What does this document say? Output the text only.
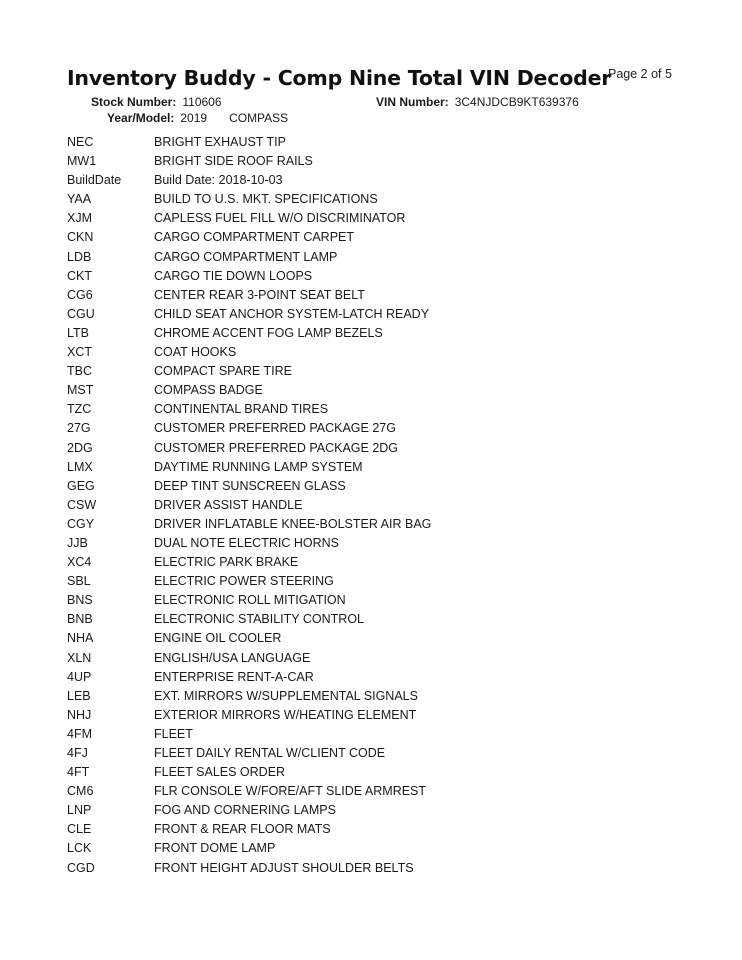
Inventory Buddy - Comp Nine Total VIN Decoder
Page 2 of 5
Stock Number: 110606	VIN Number: 3C4NJDCB9KT639376
Year/Model: 2019 COMPASS
NEC	BRIGHT EXHAUST TIP
MW1	BRIGHT SIDE ROOF RAILS
BuildDate	Build Date: 2018-10-03
YAA	BUILD TO U.S. MKT. SPECIFICATIONS
XJM	CAPLESS FUEL FILL W/O DISCRIMINATOR
CKN	CARGO COMPARTMENT CARPET
LDB	CARGO COMPARTMENT LAMP
CKT	CARGO TIE DOWN LOOPS
CG6	CENTER REAR 3-POINT SEAT BELT
CGU	CHILD SEAT ANCHOR SYSTEM-LATCH READY
LTB	CHROME ACCENT FOG LAMP BEZELS
XCT	COAT HOOKS
TBC	COMPACT SPARE TIRE
MST	COMPASS BADGE
TZC	CONTINENTAL BRAND TIRES
27G	CUSTOMER PREFERRED PACKAGE 27G
2DG	CUSTOMER PREFERRED PACKAGE 2DG
LMX	DAYTIME RUNNING LAMP SYSTEM
GEG	DEEP TINT SUNSCREEN GLASS
CSW	DRIVER ASSIST HANDLE
CGY	DRIVER INFLATABLE KNEE-BOLSTER AIR BAG
JJB	DUAL NOTE ELECTRIC HORNS
XC4	ELECTRIC PARK BRAKE
SBL	ELECTRIC POWER STEERING
BNS	ELECTRONIC ROLL MITIGATION
BNB	ELECTRONIC STABILITY CONTROL
NHA	ENGINE OIL COOLER
XLN	ENGLISH/USA LANGUAGE
4UP	ENTERPRISE RENT-A-CAR
LEB	EXT. MIRRORS W/SUPPLEMENTAL SIGNALS
NHJ	EXTERIOR MIRRORS W/HEATING ELEMENT
4FM	FLEET
4FJ	FLEET DAILY RENTAL W/CLIENT CODE
4FT	FLEET SALES ORDER
CM6	FLR CONSOLE W/FORE/AFT SLIDE ARMREST
LNP	FOG AND CORNERING LAMPS
CLE	FRONT & REAR FLOOR MATS
LCK	FRONT DOME LAMP
CGD	FRONT HEIGHT ADJUST SHOULDER BELTS
